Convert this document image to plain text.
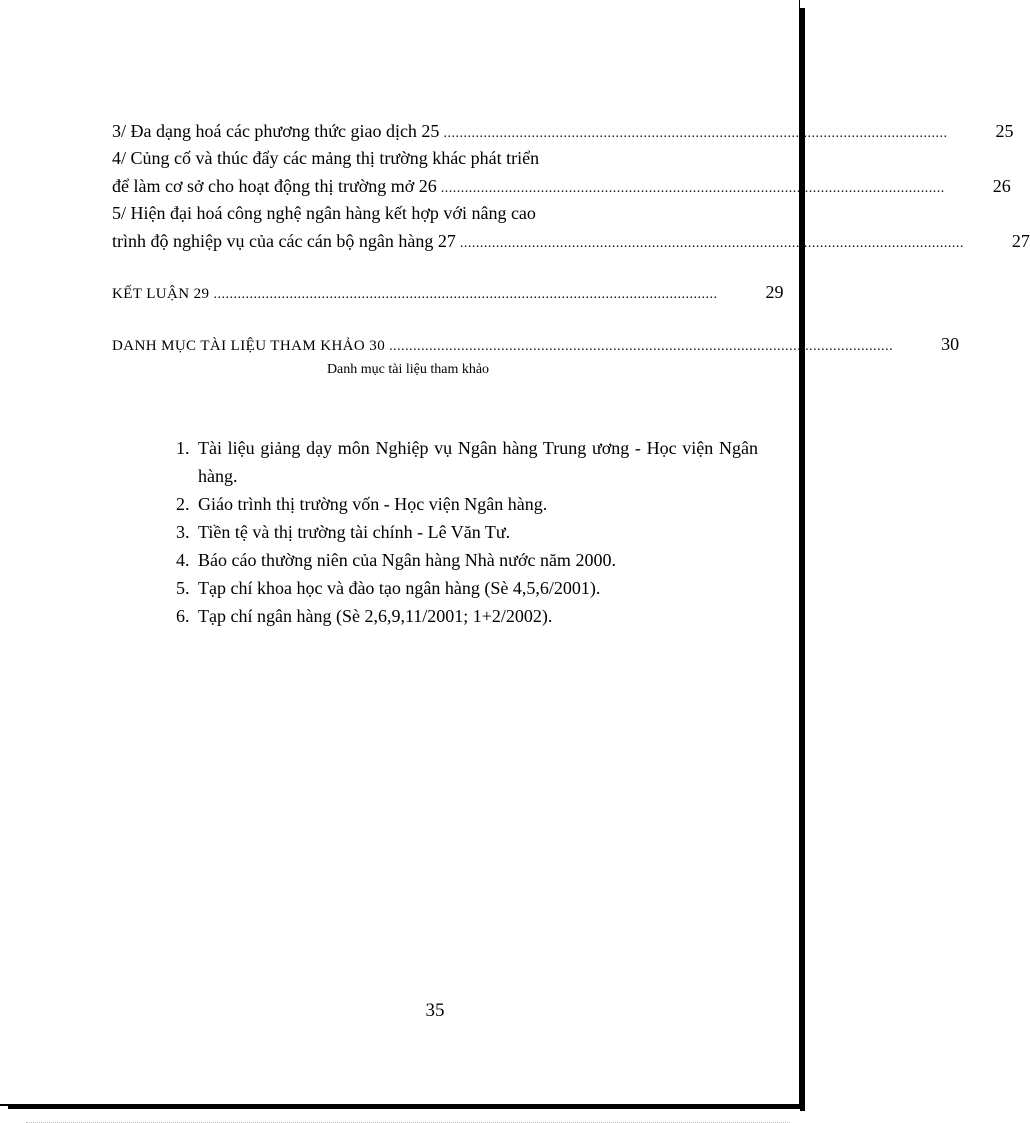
3/ Đa dạng hoá các phương thức giao dịch 25 ..............................................................................................................................	25
4/ Củng cố và thúc đẩy các mảng thị trường khác phát triển
để làm cơ sở cho hoạt động thị trường mở 26 ..............................................................................................................................	26
5/ Hiện đại hoá công nghệ ngân hàng kết hợp với nâng cao
trình độ nghiệp vụ của các cán bộ ngân hàng 27 ..............................................................................................................................	27
KẾT LUẬN 29 ..............................................................................................................................	29
DANH MỤC TÀI LIỆU THAM KHẢO 30 ..............................................................................................................................	30
Danh mục tài liệu tham khảo
1. Tài liệu giảng dạy môn Nghiệp vụ Ngân hàng Trung ương - Học viện Ngân hàng.
2. Giáo trình thị trường vốn - Học viện Ngân hàng.
3. Tiền tệ và thị trường tài chính - Lê Văn Tư.
4. Báo cáo thường niên của Ngân hàng Nhà nước năm 2000.
5. Tạp chí khoa học và đào tạo ngân hàng (Sè 4,5,6/2001).
6. Tạp chí ngân hàng (Sè 2,6,9,11/2001; 1+2/2002).
35
